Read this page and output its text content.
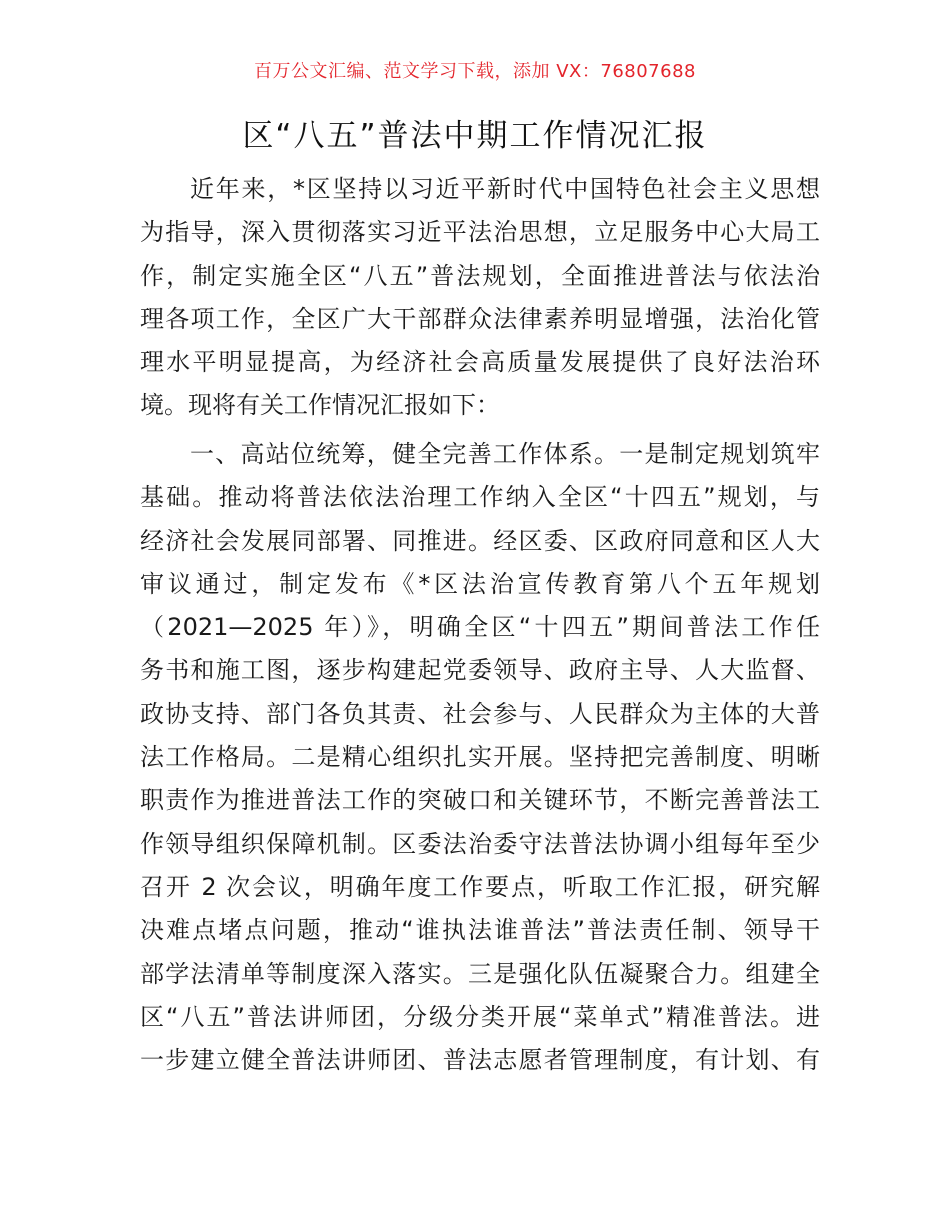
百万公文汇编、范文学习下载，添加 VX：76807688
区“八五”普法中期工作情况汇报
近年来，*区坚持以习近平新时代中国特色社会主义思想
为指导，深入贯彻落实习近平法治思想，立足服务中心大局工
作，制定实施全区“八五”普法规划，全面推进普法与依法治
理各项工作，全区广大干部群众法律素养明显增强，法治化管
理水平明显提高，为经济社会高质量发展提供了良好法治环
境。现将有关工作情况汇报如下：
一、高站位统筹，健全完善工作体系。一是制定规划筑牢
基础。推动将普法依法治理工作纳入全区“十四五”规划，与
经济社会发展同部署、同推进。经区委、区政府同意和区人大
审议通过，制定发布《*区法治宣传教育第八个五年规划
（2021—2025 年）》，明确全区“十四五”期间普法工作任
务书和施工图，逐步构建起党委领导、政府主导、人大监督、
政协支持、部门各负其责、社会参与、人民群众为主体的大普
法工作格局。二是精心组织扎实开展。坚持把完善制度、明晰
职责作为推进普法工作的突破口和关键环节，不断完善普法工
作领导组织保障机制。区委法治委守法普法协调小组每年至少
召开 2 次会议，明确年度工作要点，听取工作汇报，研究解
决难点堵点问题，推动“谁执法谁普法”普法责任制、领导干
部学法清单等制度深入落实。三是强化队伍凝聚合力。组建全
区“八五”普法讲师团，分级分类开展“菜单式”精准普法。进
一步建立健全普法讲师团、普法志愿者管理制度，有计划、有
